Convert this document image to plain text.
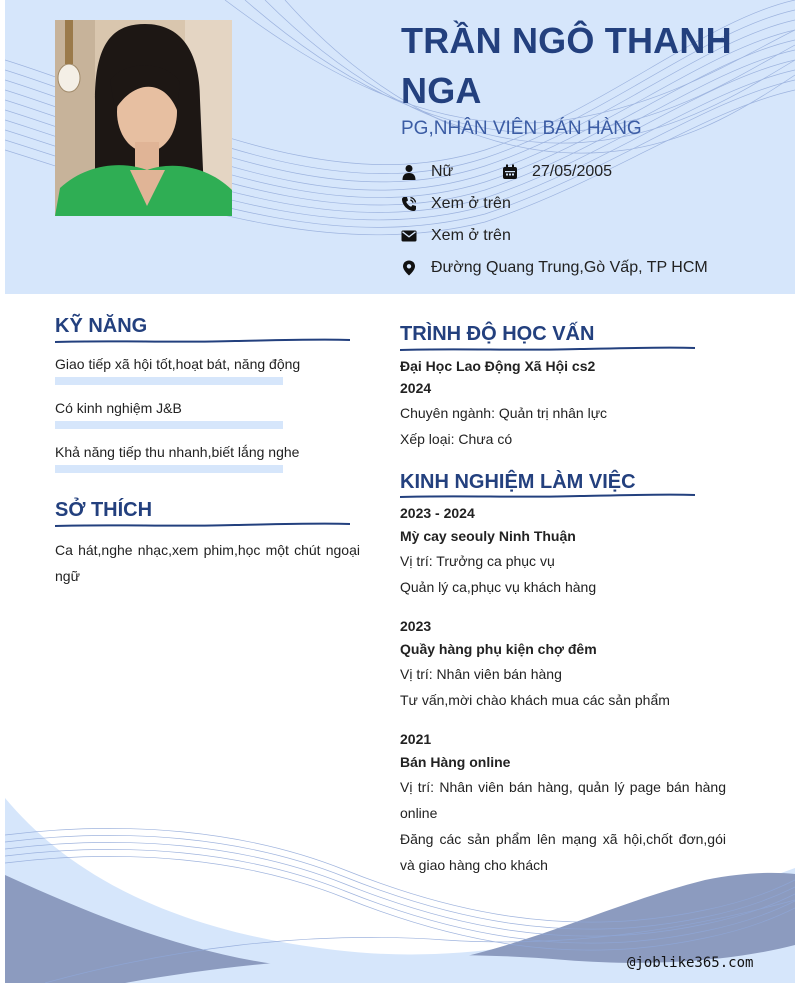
TRẦN NGÔ THANH NGA
PG,NHÂN VIÊN BÁN HÀNG
Nữ	27/05/2005
Xem ở trên
Xem ở trên
Đường Quang Trung,Gò Vấp, TP HCM
KỸ NĂNG
Giao tiếp xã hội tốt,hoạt bát, năng động
Có kinh nghiệm J&B
Khả năng tiếp thu nhanh,biết lắng nghe
SỞ THÍCH
Ca hát,nghe nhạc,xem phim,học một chút ngoại ngữ
TRÌNH ĐỘ HỌC VẤN
Đại Học Lao Động Xã Hội cs2
2024
Chuyên ngành: Quản trị nhân lực
Xếp loại: Chưa có
KINH NGHIỆM LÀM VIỆC
2023 - 2024
Mỳ cay seouly Ninh Thuận
Vị trí: Trưởng ca phục vụ
Quản lý ca,phục vụ khách hàng
2023
Quầy hàng phụ kiện chợ đêm
Vị trí: Nhân viên bán hàng
Tư vấn,mời chào khách mua các sản phẩm
2021
Bán Hàng online
Vị trí: Nhân viên bán hàng, quản lý page bán hàng online
Đăng các sản phẩm lên mạng xã hội,chốt đơn,gói và giao hàng cho khách
@joblike365.com
